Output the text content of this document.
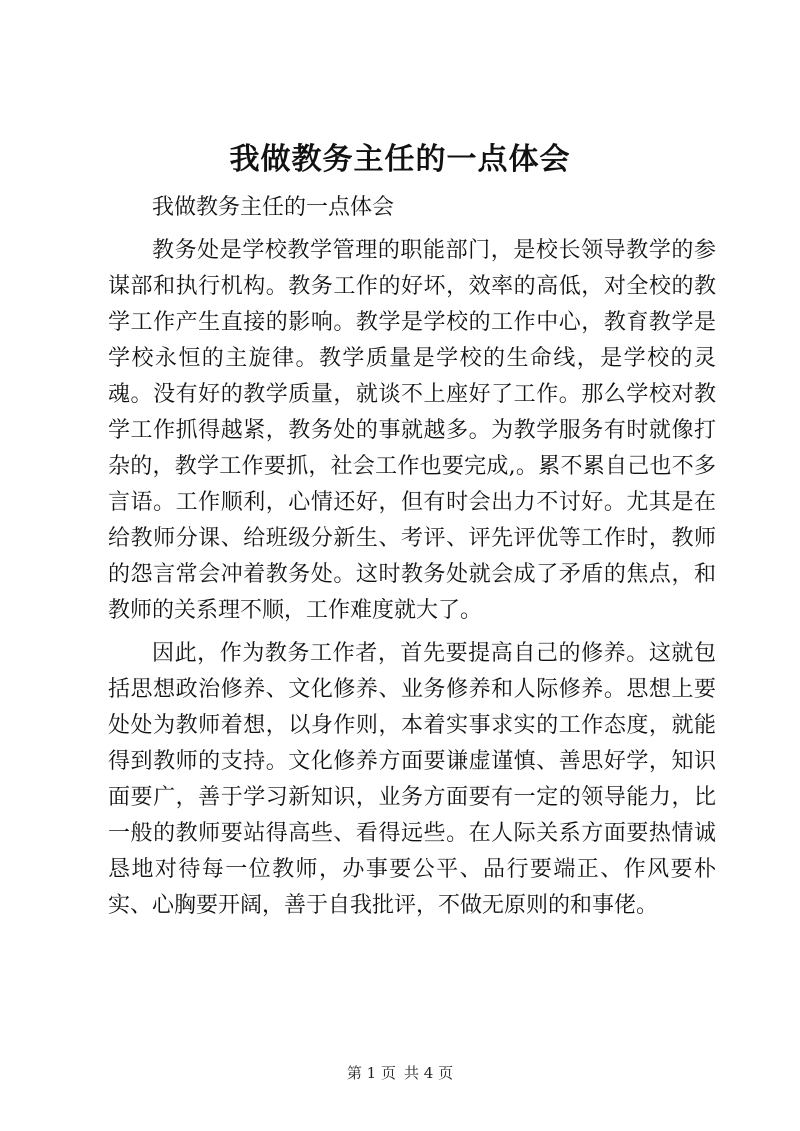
我做教务主任的一点体会

我做教务主任的一点体会

教务处是学校教学管理的职能部门，是校长领导教学的参谋部和执行机构。教务工作的好坏，效率的高低，对全校的教学工作产生直接的影响。教学是学校的工作中心，教育教学是学校永恒的主旋律。教学质量是学校的生命线，是学校的灵魂。没有好的教学质量，就谈不上座好了工作。那么学校对教学工作抓得越紧，教务处的事就越多。为教学服务有时就像打杂的，教学工作要抓，社会工作也要完成,。累不累自己也不多言语。工作顺利，心情还好，但有时会出力不讨好。尤其是在给教师分课、给班级分新生、考评、评先评优等工作时，教师的怨言常会冲着教务处。这时教务处就会成了矛盾的焦点，和教师的关系理不顺，工作难度就大了。

因此，作为教务工作者，首先要提高自己的修养。这就包括思想政治修养、文化修养、业务修养和人际修养。思想上要处处为教师着想，以身作则，本着实事求实的工作态度，就能得到教师的支持。文化修养方面要谦虚谨慎、善思好学，知识面要广，善于学习新知识，业务方面要有一定的领导能力，比一般的教师要站得高些、看得远些。在人际关系方面要热情诚恳地对待每一位教师，办事要公平、品行要端正、作风要朴实、心胸要开阔，善于自我批评，不做无原则的和事佬。

第 1 页 共 4 页
